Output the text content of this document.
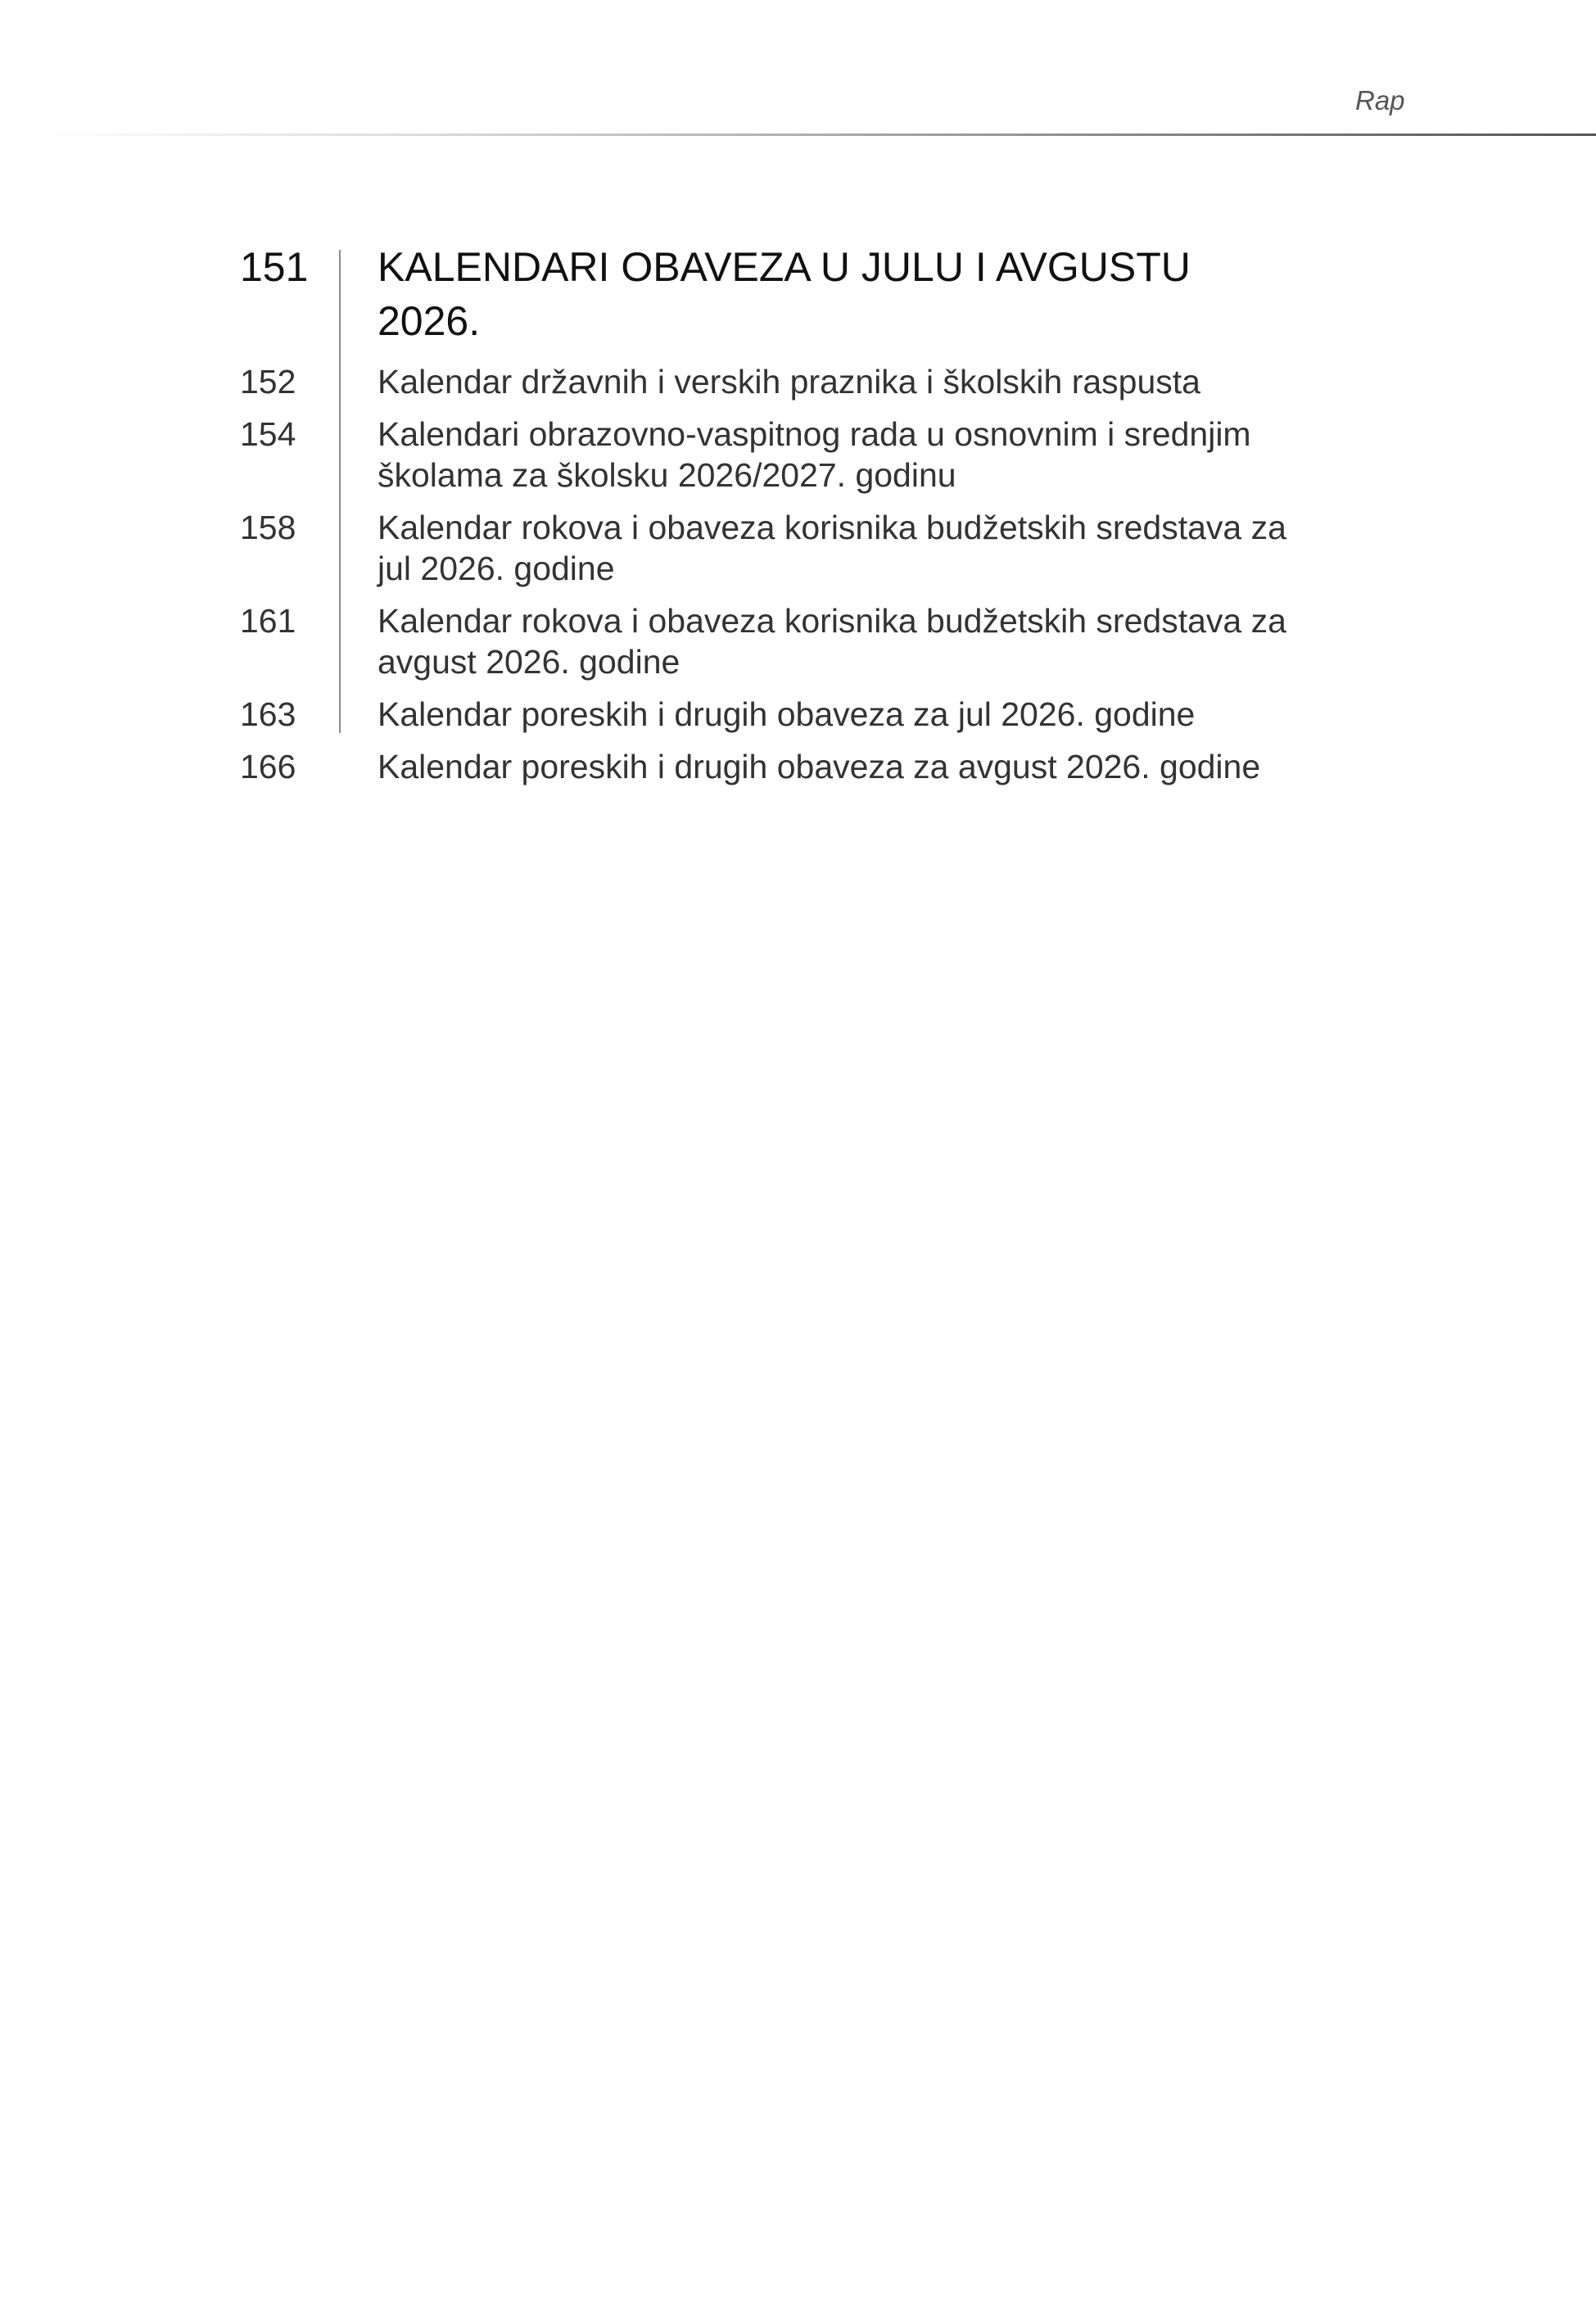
Rap
151	KALENDARI OBAVEZA U JULU I AVGUSTU 2026.
152	Kalendar državnih i verskih praznika i školskih raspusta
154	Kalendari obrazovno-vaspitnog rada u osnovnim i srednjim školama za školsku 2026/2027. godinu
158	Kalendar rokova i obaveza korisnika budžetskih sredstava za jul 2026. godine
161	Kalendar rokova i obaveza korisnika budžetskih sredstava za avgust 2026. godine
163	Kalendar poreskih i drugih obaveza za jul 2026. godine
166	Kalendar poreskih i drugih obaveza za avgust 2026. godine
